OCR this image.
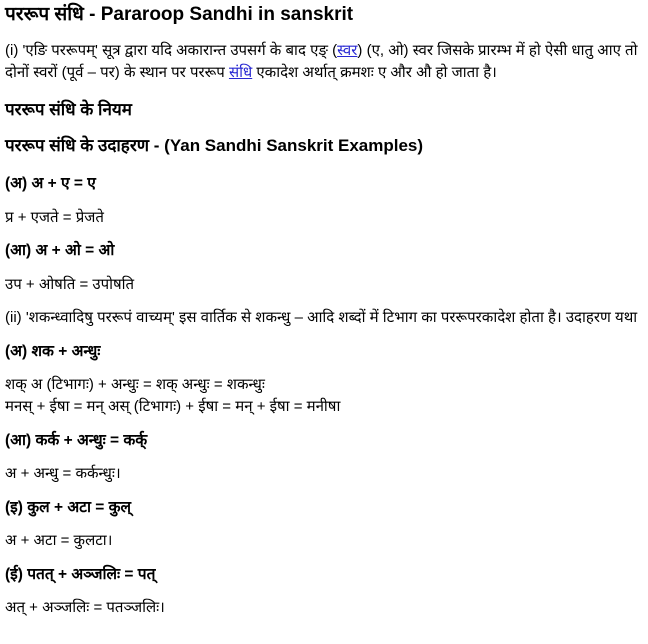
पररूप संधि - Pararoop Sandhi in sanskrit

(i) 'एङि पररूपम्' सूत्र द्वारा यदि अकारान्त उपसर्ग के बाद एङ् (स्वर) (ए, ओ) स्वर जिसके प्रारम्भ में हो ऐसी धातु आए तो दोनों स्वरों (पूर्व – पर) के स्थान पर पररूप संधि एकादेश अर्थात् क्रमशः ए और औ हो जाता है।

पररूप संधि के नियम
पररूप संधि के उदाहरण - (Yan Sandhi Sanskrit Examples)

(अ) अ + ए = ए

प्र + एजते = प्रेजते

(आ) अ + ओ = ओ

उप + ओषति = उपोषति

(ii) 'शकन्ध्वादिषु पररूपं वाच्यम्' इस वार्तिक से शकन्धु – आदि शब्दों में टिभाग का पररूपरकादेश होता है। उदाहरण यथा

(अ) शक + अन्धुः

शक् अ (टिभागः) + अन्धुः = शक् अन्धुः = शकन्धुः
मनस् + ईषा = मन् अस् (टिभागः) + ईषा = मन् + ईषा = मनीषा

(आ) कर्क + अन्धुः = कर्क्

अ + अन्धु = कर्कन्धुः।

(इ) कुल + अटा = कुल्

अ + अटा = कुलटा।

(ई) पतत् + अञ्जलिः = पत्

अत् + अञ्जलिः = पतञ्जलिः।
